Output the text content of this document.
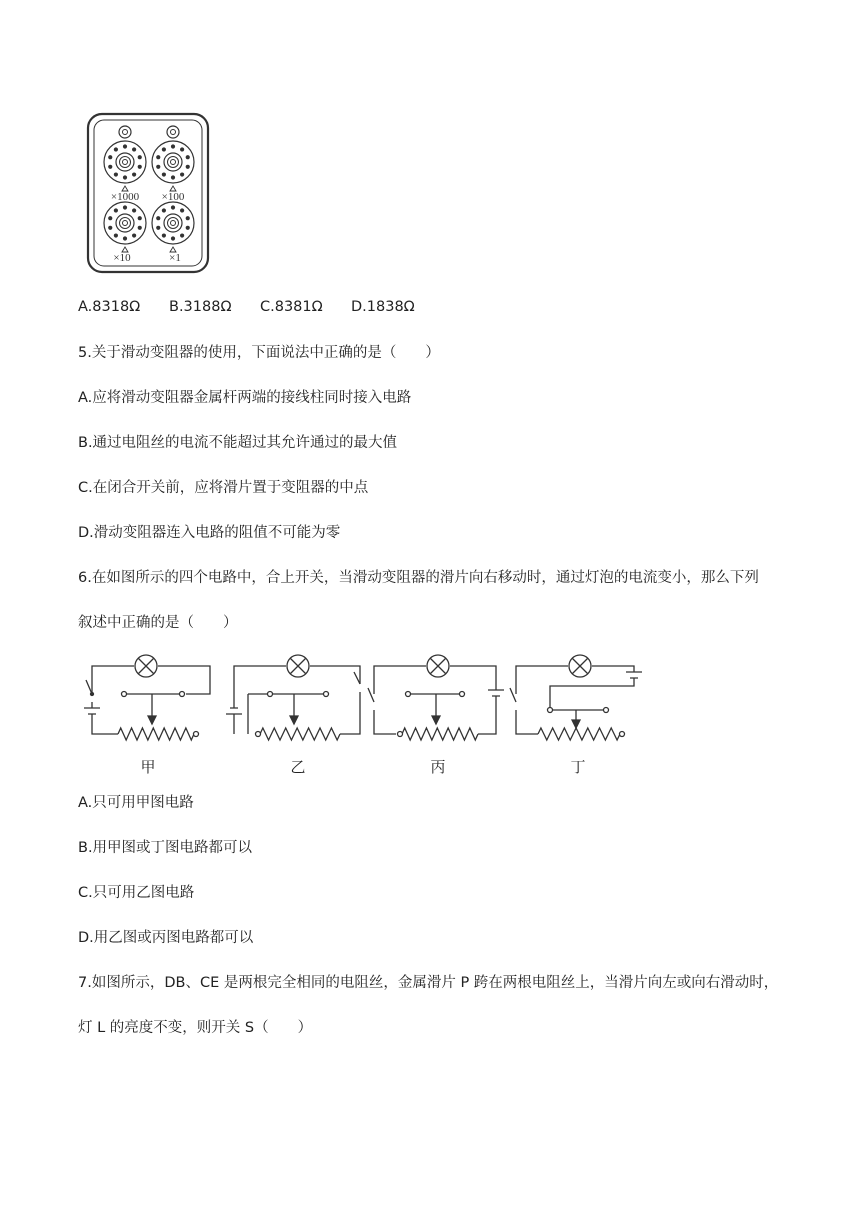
×1000 ×100
×10	×1
A.8318Ω B.3188Ω C.8381Ω D.1838Ω
5.关于滑动变阻器的使用，下面说法中正确的是（　　）
A.应将滑动变阻器金属杆两端的接线柱同时接入电路
B.通过电阻丝的电流不能超过其允许通过的最大值
C.在闭合开关前，应将滑片置于变阻器的中点
D.滑动变阻器连入电路的阻值不可能为零
6.在如图所示的四个电路中，合上开关，当滑动变阻器的滑片向右移动时，通过灯泡的电流变小，那么下列
叙述中正确的是（　　）
甲	乙	丙	丁
A.只可用甲图电路
B.用甲图或丁图电路都可以
C.只可用乙图电路
D.用乙图或丙图电路都可以
7.如图所示，DB、CE 是两根完全相同的电阻丝，金属滑片 P 跨在两根电阻丝上，当滑片向左或向右滑动时，
灯 L 的亮度不变，则开关 S（　　）
